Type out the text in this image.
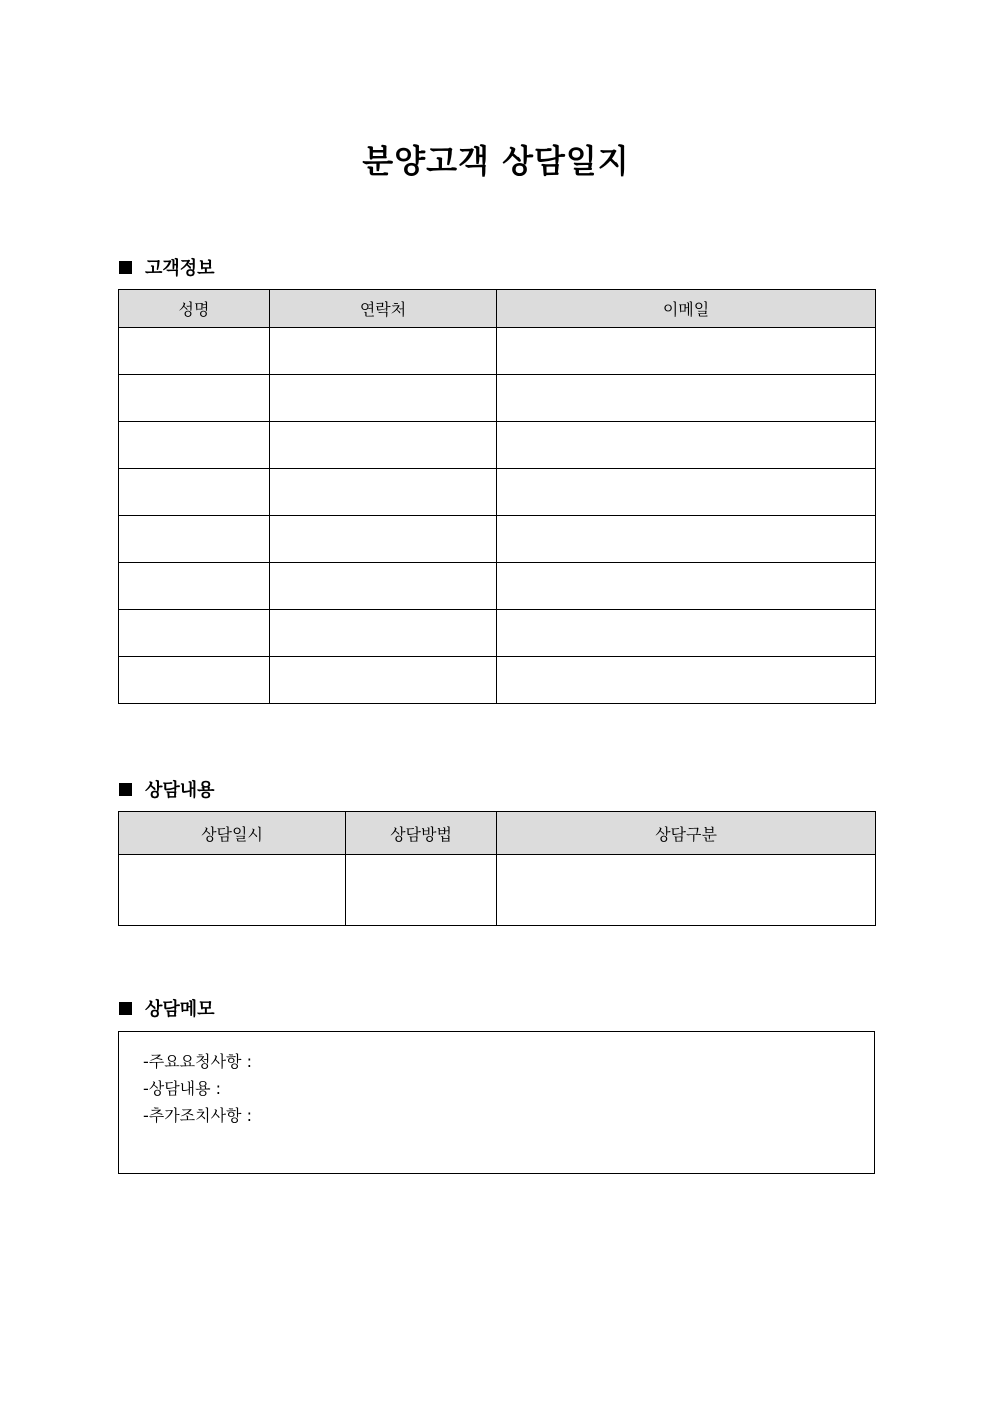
분양고객 상담일지
고객정보
성명	연락처	이메일

상담내용
상담일시	상담방법	상담구분

상담메모
-주요요청사항 :
-상담내용 :
-추가조치사항 :
